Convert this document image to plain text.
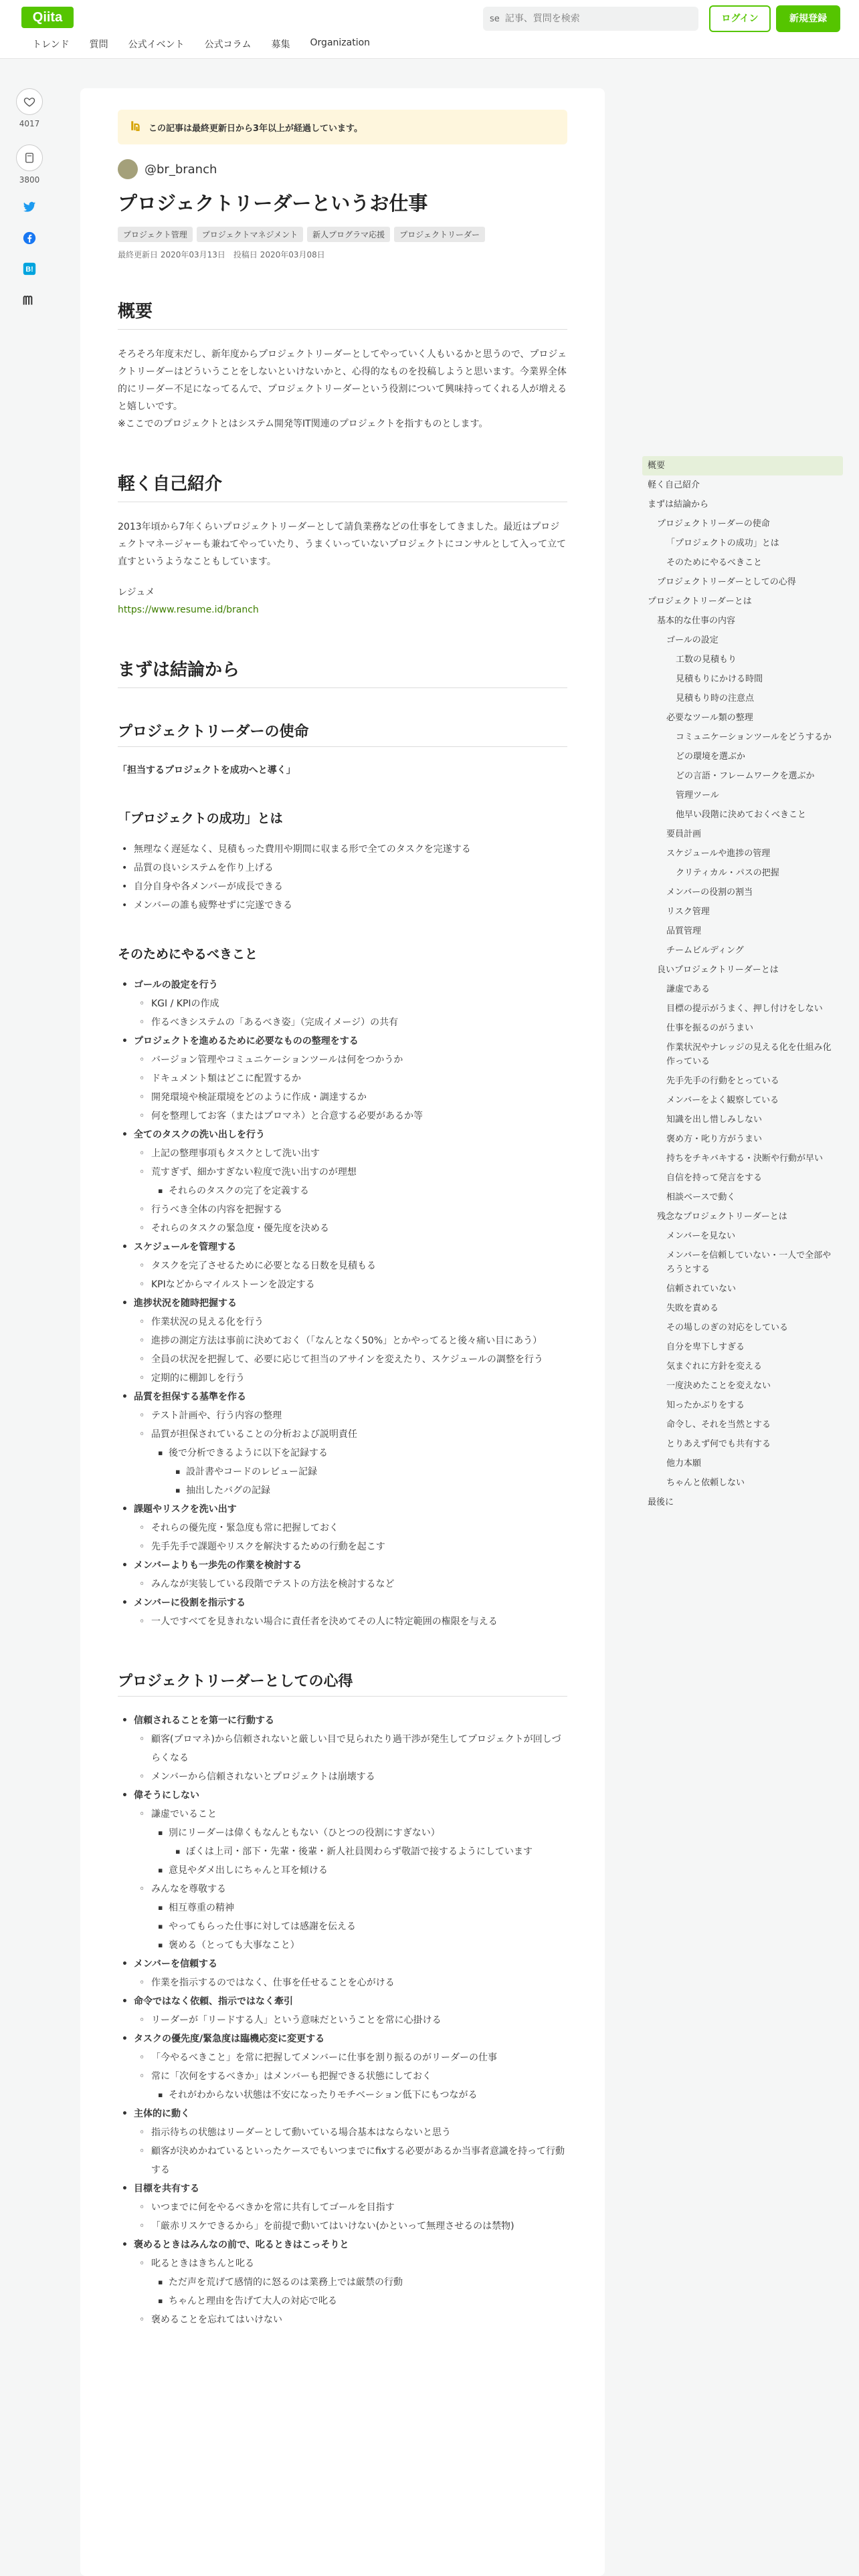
Qiita	se
記事、質問を検索	ログイン	新規登録
トレンド 質問 公式イベント 公式コラム 募集 Organization
4017
3800
B!
この記事は最終更新日から3年以上が経過しています。
@br_branch
プロジェクトリーダーというお仕事
プロジェクト管理	プロジェクトマネジメント	新人プログラマ応援	プロジェクトリーダー
最終更新日 2020年03月13日　投稿日 2020年03月08日
概要

そろそろ年度末だし、新年度からプロジェクトリーダーとしてやっていく人もいるかと思うので、プロジェクトリーダーはどういうことをしないといけないかと、心得的なものを投稿しようと思います。今業界全体的にリーダー不足になってるんで、プロジェクトリーダーという役割について興味持ってくれる人が増えると嬉しいです。

※ここでのプロジェクトとはシステム開発等IT関連のプロジェクトを指すものとします。

軽く自己紹介

2013年頃から7年くらいプロジェクトリーダーとして請負業務などの仕事をしてきました。最近はプロジェクトマネージャーも兼ねてやっていたり、うまくいっていないプロジェクトにコンサルとして入って立て直すというようなこともしています。

レジュメ

https://www.resume.id/branch

まずは結論から
プロジェクトリーダーの使命

「担当するプロジェクトを成功へと導く」

「プロジェクトの成功」とは
• 無理なく遅延なく、見積もった費用や期間に収まる形で全てのタスクを完遂する
• 品質の良いシステムを作り上げる
• 自分自身や各メンバーが成長できる
• メンバーの誰も疲弊せずに完遂できる
そのためにやるべきこと
• ゴールの設定を行う
◦ KGI / KPIの作成
◦ 作るべきシステムの「あるべき姿」（完成イメージ）の共有
• プロジェクトを進めるために必要なものの整理をする
◦ バージョン管理やコミュニケーションツールは何をつかうか
◦ ドキュメント類はどこに配置するか
◦ 開発環境や検証環境をどのように作成・調達するか
◦ 何を整理してお客（またはプロマネ）と合意する必要があるか等
• 全てのタスクの洗い出しを行う
◦ 上記の整理事項もタスクとして洗い出す
◦ 荒すぎず、細かすぎない粒度で洗い出すのが理想
▪ それらのタスクの完了を定義する
◦ 行うべき全体の内容を把握する
◦ それらのタスクの緊急度・優先度を決める
• スケジュールを管理する
◦ タスクを完了させるために必要となる日数を見積もる
◦ KPIなどからマイルストーンを設定する
• 進捗状況を随時把握する
◦ 作業状況の見える化を行う
◦ 進捗の測定方法は事前に決めておく（「なんとなく50%」とかやってると後々痛い目にあう）
◦ 全員の状況を把握して、必要に応じて担当のアサインを変えたり、スケジュールの調整を行う
◦ 定期的に棚卸しを行う
• 品質を担保する基準を作る
◦ テスト計画や、行う内容の整理
◦ 品質が担保されていることの分析および説明責任
▪ 後で分析できるように以下を記録する
▪ 設計書やコードのレビュー記録
▪ 抽出したバグの記録
• 課題やリスクを洗い出す
◦ それらの優先度・緊急度も常に把握しておく
◦ 先手先手で課題やリスクを解決するための行動を起こす
• メンバーよりも一歩先の作業を検討する
◦ みんなが実装している段階でテストの方法を検討するなど
• メンバーに役割を指示する
◦ 一人ですべてを見きれない場合に責任者を決めてその人に特定範囲の権限を与える
プロジェクトリーダーとしての心得
• 信頼されることを第一に行動する
◦ 顧客(プロマネ)から信頼されないと厳しい目で見られたり過干渉が発生してプロジェクトが回しづらくなる
◦ メンバーから信頼されないとプロジェクトは崩壊する
• 偉そうにしない
◦ 謙虚でいること
▪ 別にリーダーは偉くもなんともない（ひとつの役割にすぎない）
▪ ぼくは上司・部下・先輩・後輩・新人社員関わらず敬語で接するようにしています
▪ 意見やダメ出しにちゃんと耳を傾ける
◦ みんなを尊敬する
▪ 相互尊重の精神
▪ やってもらった仕事に対しては感謝を伝える
▪ 褒める（とっても大事なこと）
• メンバーを信頼する
◦ 作業を指示するのではなく、仕事を任せることを心がける
• 命令ではなく依頼、指示ではなく牽引
◦ リーダーが「リードする人」という意味だということを常に心掛ける
• タスクの優先度/緊急度は臨機応変に変更する
◦ 「今やるべきこと」を常に把握してメンバーに仕事を割り振るのがリーダーの仕事
◦ 常に「次何をするべきか」はメンバーも把握できる状態にしておく
▪ それがわからない状態は不安になったりモチベーション低下にもつながる
• 主体的に動く
◦ 指示待ちの状態はリーダーとして動いている場合基本はならないと思う
◦ 顧客が決めかねているといったケースでもいつまでにfixする必要があるか当事者意識を持って行動する
• 目標を共有する
◦ いつまでに何をやるべきかを常に共有してゴールを目指す
◦ 「厳赤リスケできるから」を前提で動いてはいけない(かといって無理させるのは禁物)
• 褒めるときはみんなの前で、叱るときはこっそりと
◦ 叱るときはきちんと叱る
▪ ただ声を荒げて感情的に怒るのは業務上では厳禁の行動
▪ ちゃんと理由を告げて大人の対応で叱る
◦ 褒めることを忘れてはいけない
概要
軽く自己紹介
まずは結論から
プロジェクトリーダーの使命
「プロジェクトの成功」とは
そのためにやるべきこと
プロジェクトリーダーとしての心得
プロジェクトリーダーとは
基本的な仕事の内容
ゴールの設定
工数の見積もり
見積もりにかける時間
見積もり時の注意点
必要なツール類の整理
コミュニケーションツールをどうするか
どの環境を選ぶか
どの言語・フレームワークを選ぶか
管理ツール
他早い段階に決めておくべきこと
要員計画
スケジュールや進捗の管理
クリティカル・パスの把握
メンバーの役割の割当
リスク管理
品質管理
チームビルディング
良いプロジェクトリーダーとは
謙虚である
目標の提示がうまく、押し付けをしない
仕事を振るのがうまい
作業状況やナレッジの見える化を仕組み化作っている
先手先手の行動をとっている
メンバーをよく観察している
知識を出し惜しみしない
褒め方・叱り方がうまい
持ちをチキバキする・決断や行動が早い
自信を持って発言をする
相談ベースで動く
残念なプロジェクトリーダーとは
メンバーを見ない
メンバーを信頼していない・一人で全部やろうとする
信頼されていない
失敗を責める
その場しのぎの対応をしている
自分を卑下しすぎる
気まぐれに方針を変える
一度決めたことを変えない
知ったかぶりをする
命令し、それを当然とする
とりあえず何でも共有する
他力本願
ちゃんと依頼しない
最後に
